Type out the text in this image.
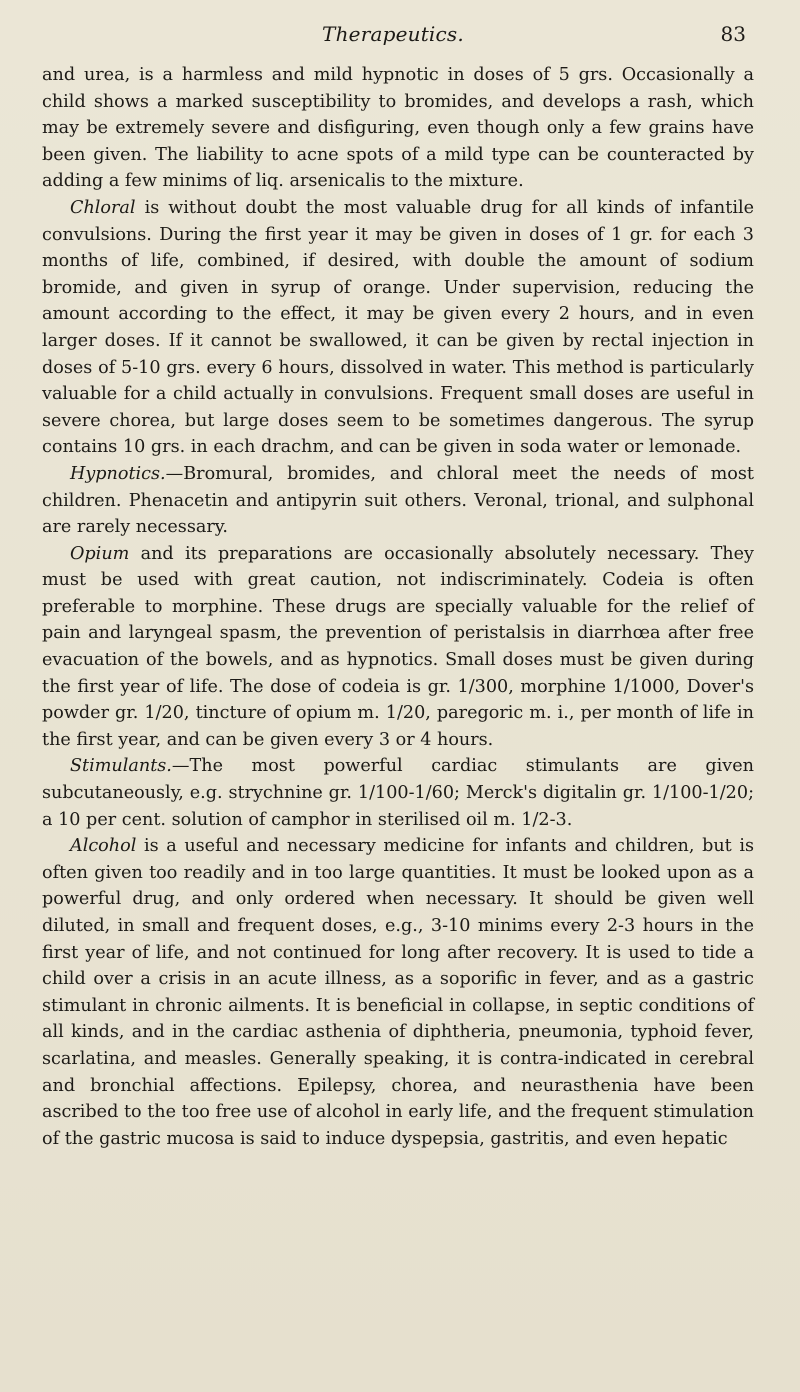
Therapeutics.	83

and urea, is a harmless and mild hypnotic in doses of 5 grs. Occasionally a child shows a marked susceptibility to bromides, and develops a rash, which may be extremely severe and disfiguring, even though only a few grains have been given. The liability to acne spots of a mild type can be counteracted by adding a few minims of liq. arsenicalis to the mixture.

Chloral is without doubt the most valuable drug for all kinds of infantile convulsions. During the first year it may be given in doses of 1 gr. for each 3 months of life, combined, if desired, with double the amount of sodium bromide, and given in syrup of orange. Under supervision, reducing the amount according to the effect, it may be given every 2 hours, and in even larger doses. If it cannot be swallowed, it can be given by rectal injection in doses of 5-10 grs. every 6 hours, dissolved in water. This method is particularly valuable for a child actually in convulsions. Frequent small doses are useful in severe chorea, but large doses seem to be sometimes dangerous. The syrup contains 10 grs. in each drachm, and can be given in soda water or lemonade.

Hypnotics.—Bromural, bromides, and chloral meet the needs of most children. Phenacetin and antipyrin suit others. Veronal, trional, and sulphonal are rarely necessary.

Opium and its preparations are occasionally absolutely necessary. They must be used with great caution, not indiscriminately. Codeia is often preferable to morphine. These drugs are specially valuable for the relief of pain and laryngeal spasm, the prevention of peristalsis in diarrhœa after free evacuation of the bowels, and as hypnotics. Small doses must be given during the first year of life. The dose of codeia is gr. 1/300, morphine 1/1000, Dover's powder gr. 1/20, tincture of opium m. 1/20, paregoric m. i., per month of life in the first year, and can be given every 3 or 4 hours.

Stimulants.—The most powerful cardiac stimulants are given subcutaneously, e.g. strychnine gr. 1/100-1/60; Merck's digitalin gr. 1/100-1/20; a 10 per cent. solution of camphor in sterilised oil m. 1/2-3.

Alcohol is a useful and necessary medicine for infants and children, but is often given too readily and in too large quantities. It must be looked upon as a powerful drug, and only ordered when necessary. It should be given well diluted, in small and frequent doses, e.g., 3-10 minims every 2-3 hours in the first year of life, and not continued for long after recovery. It is used to tide a child over a crisis in an acute illness, as a soporific in fever, and as a gastric stimulant in chronic ailments. It is beneficial in collapse, in septic conditions of all kinds, and in the cardiac asthenia of diphtheria, pneumonia, typhoid fever, scarlatina, and measles. Generally speaking, it is contra-indicated in cerebral and bronchial affections. Epilepsy, chorea, and neurasthenia have been ascribed to the too free use of alcohol in early life, and the frequent stimulation of the gastric mucosa is said to induce dyspepsia, gastritis, and even hepatic
